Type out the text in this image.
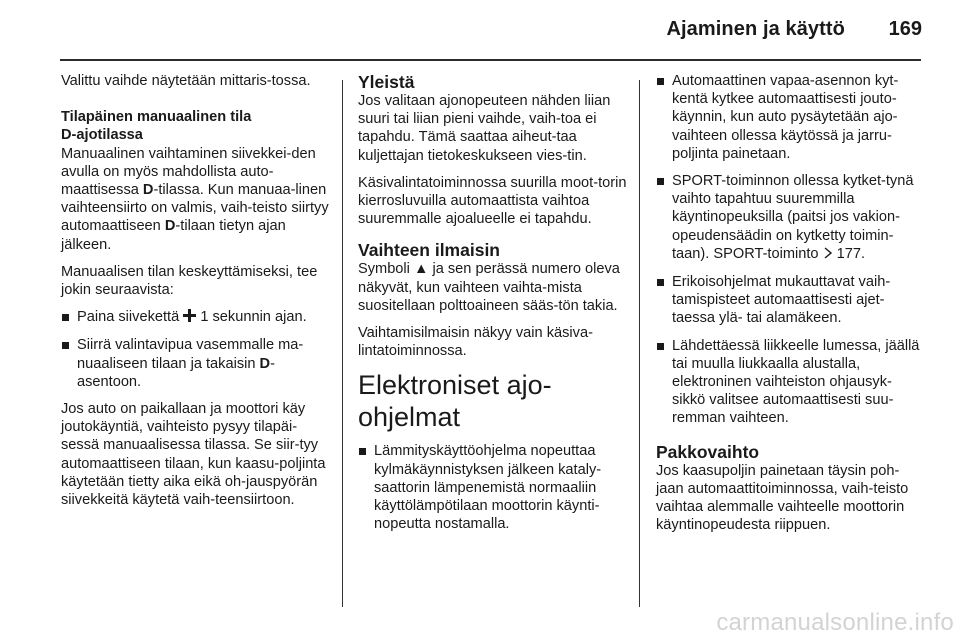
Ajaminen ja käyttö 169

Valittu vaihde näytetään mittaris-tossa.

Tilapäinen manuaalinen tila
D-ajotilassa

Manuaalinen vaihtaminen siivekkei-den avulla on myös mahdollista auto-maattisessa D-tilassa. Kun manuaa-linen vaihteensiirto on valmis, vaih-teisto siirtyy automaattiseen D-tilaan tietyn ajan jälkeen.

Manuaalisen tilan keskeyttämiseksi, tee jokin seuraavista:

Paina siivekettä  1 sekunnin ajan.
Siirrä valintavipua vasemmalle ma-nuaaliseen tilaan ja takaisin D-asentoon.

Jos auto on paikallaan ja moottori käy joutokäyntiä, vaihteisto pysyy tilapäi-sessä manuaalisessa tilassa. Se siir-tyy automaattiseen tilaan, kun kaasu-poljinta käytetään tietty aika eikä oh-jauspyörän siivekkeitä käytetä vaih-teensiirtoon.

Yleistä

Jos valitaan ajonopeuteen nähden liian suuri tai liian pieni vaihde, vaih-toa ei tapahdu. Tämä saattaa aiheut-taa kuljettajan tietokeskukseen vies-tin.

Käsivalintatoiminnossa suurilla moot-torin kierrosluvuilla automaattista vaihtoa suuremmalle ajoalueelle ei tapahdu.

Vaihteen ilmaisin

Symboli ▲ ja sen perässä numero oleva näkyvät, kun vaihteen vaihta-mista suositellaan polttoaineen sääs-tön takia.

Vaihtamisilmaisin näkyy vain käsiva-lintatoiminnossa.

Elektroniset ajo-ohjelmat
Lämmityskäyttöohjelma nopeuttaa kylmäkäynnistyksen jälkeen kataly-saattorin lämpenemistä normaaliin käyttölämpötilaan moottorin käynti-nopeutta nostamalla.
Automaattinen vapaa-asennon kyt-kentä kytkee automaattisesti jouto-käynnin, kun auto pysäytetään ajo-vaihteen ollessa käytössä ja jarru-poljinta painetaan.
SPORT-toiminnon ollessa kytket-tynä vaihto tapahtuu suuremmilla käyntinopeuksilla (paitsi jos vakion-opeudensäädin on kytketty toimin-taan). SPORT-toiminto  177.
Erikoisohjelmat mukauttavat vaih-tamispisteet automaattisesti ajet-taessa ylä- tai alamäkeen.
Lähdettäessä liikkeelle lumessa, jäällä tai muulla liukkaalla alustalla, elektroninen vaihteiston ohjausyk-sikkö valitsee automaattisesti suu-remman vaihteen.
Pakkovaihto

Jos kaasupoljin painetaan täysin poh-jaan automaattitoiminnossa, vaih-teisto vaihtaa alemmalle vaihteelle moottorin käyntinopeudesta riippuen.

carmanualsonline.info
